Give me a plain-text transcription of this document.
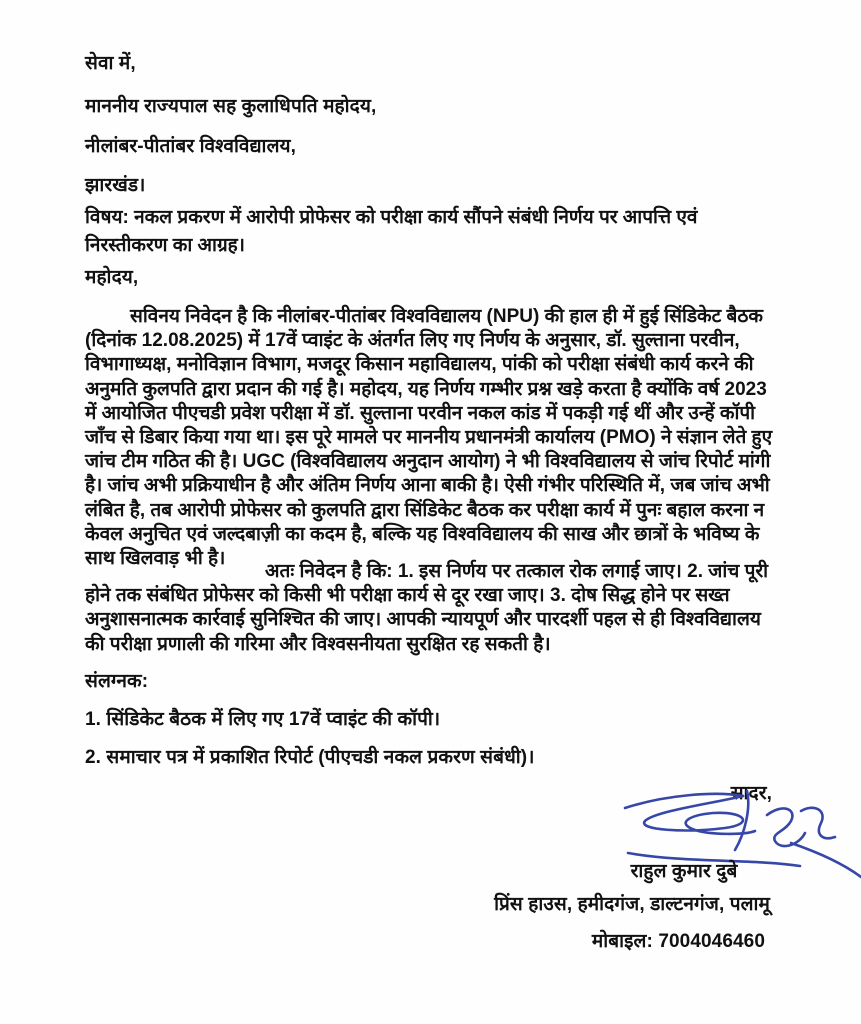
सेवा में,
माननीय राज्यपाल सह कुलाधिपति महोदय,
नीलांबर-पीतांबर विश्वविद्यालय,
झारखंड।
विषय: नकल प्रकरण में आरोपी प्रोफेसर को परीक्षा कार्य सौंपने संबंधी निर्णय पर आपत्ति एवं निरस्तीकरण का आग्रह।
महोदय,
सविनय निवेदन है कि नीलांबर-पीतांबर विश्वविद्यालय (NPU) की हाल ही में हुई सिंडिकेट बैठक (दिनांक 12.08.2025) में 17वें प्वाइंट के अंतर्गत लिए गए निर्णय के अनुसार, डॉ. सुल्ताना परवीन, विभागाध्यक्ष, मनोविज्ञान विभाग, मजदूर किसान महाविद्यालय, पांकी को परीक्षा संबंधी कार्य करने की अनुमति कुलपति द्वारा प्रदान की गई है। महोदय, यह निर्णय गम्भीर प्रश्न खड़े करता है क्योंकि वर्ष 2023 में आयोजित पीएचडी प्रवेश परीक्षा में डॉ. सुल्ताना परवीन नकल कांड में पकड़ी गई थीं और उन्हें कॉपी जाँच से डिबार किया गया था। इस पूरे मामले पर माननीय प्रधानमंत्री कार्यालय (PMO) ने संज्ञान लेते हुए जांच टीम गठित की है। UGC (विश्वविद्यालय अनुदान आयोग) ने भी विश्वविद्यालय से जांच रिपोर्ट मांगी है। जांच अभी प्रक्रियाधीन है और अंतिम निर्णय आना बाकी है। ऐसी गंभीर परिस्थिति में, जब जांच अभी लंबित है, तब आरोपी प्रोफेसर को कुलपति द्वारा सिंडिकेट बैठक कर परीक्षा कार्य में पुनः बहाल करना न केवल अनुचित एवं जल्दबाज़ी का कदम है, बल्कि यह विश्वविद्यालय की साख और छात्रों के भविष्य के साथ खिलवाड़ भी है।
अतः निवेदन है कि: 1. इस निर्णय पर तत्काल रोक लगाई जाए। 2. जांच पूरी होने तक संबंधित प्रोफेसर को किसी भी परीक्षा कार्य से दूर रखा जाए। 3. दोष सिद्ध होने पर सख्त अनुशासनात्मक कार्रवाई सुनिश्चित की जाए। आपकी न्यायपूर्ण और पारदर्शी पहल से ही विश्वविद्यालय की परीक्षा प्रणाली की गरिमा और विश्वसनीयता सुरक्षित रह सकती है।
संलग्नक:
1. सिंडिकेट बैठक में लिए गए 17वें प्वाइंट की कॉपी।
2. समाचार पत्र में प्रकाशित रिपोर्ट (पीएचडी नकल प्रकरण संबंधी)।
सादर,
राहुल कुमार दुबे
प्रिंस हाउस, हमीदगंज, डाल्टनगंज, पलामू
मोबाइल: 7004046460
